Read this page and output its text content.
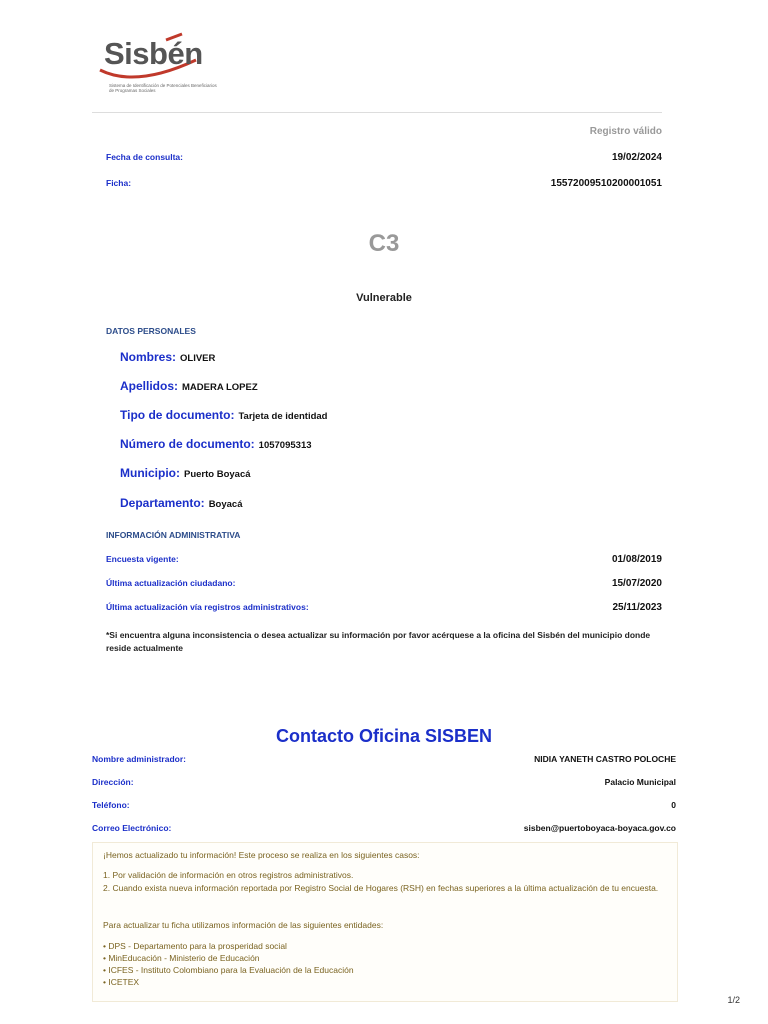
Sisbén
Sistema de Identificación de Potenciales Beneficiarios de Programas Sociales
Registro válido
Fecha de consulta:	19/02/2024
Ficha:	15572009510200001051
C3
Vulnerable
DATOS PERSONALES
Nombres: OLIVER
Apellidos: MADERA LOPEZ
Tipo de documento: Tarjeta de identidad
Número de documento: 1057095313
Municipio: Puerto Boyacá
Departamento: Boyacá
INFORMACIÓN ADMINISTRATIVA
Encuesta vigente:	01/08/2019
Última actualización ciudadano:	15/07/2020
Última actualización vía registros administrativos:	25/11/2023
*Si encuentra alguna inconsistencia o desea actualizar su información por favor acérquese a la oficina del Sisbén del municipio donde reside actualmente
Contacto Oficina SISBEN
Nombre administrador:	NIDIA YANETH CASTRO POLOCHE
Dirección:	Palacio Municipal
Teléfono:	0
Correo Electrónico:	sisben@puertoboyaca-boyaca.gov.co
¡Hemos actualizado tu información! Este proceso se realiza en los siguientes casos:
1. Por validación de información en otros registros administrativos.
2. Cuando exista nueva información reportada por Registro Social de Hogares (RSH) en fechas superiores a la última actualización de tu encuesta.
Para actualizar tu ficha utilizamos información de las siguientes entidades:
• DPS - Departamento para la prosperidad social
• MinEducación - Ministerio de Educación
• ICFES - Instituto Colombiano para la Evaluación de la Educación
• ICETEX
1/2
